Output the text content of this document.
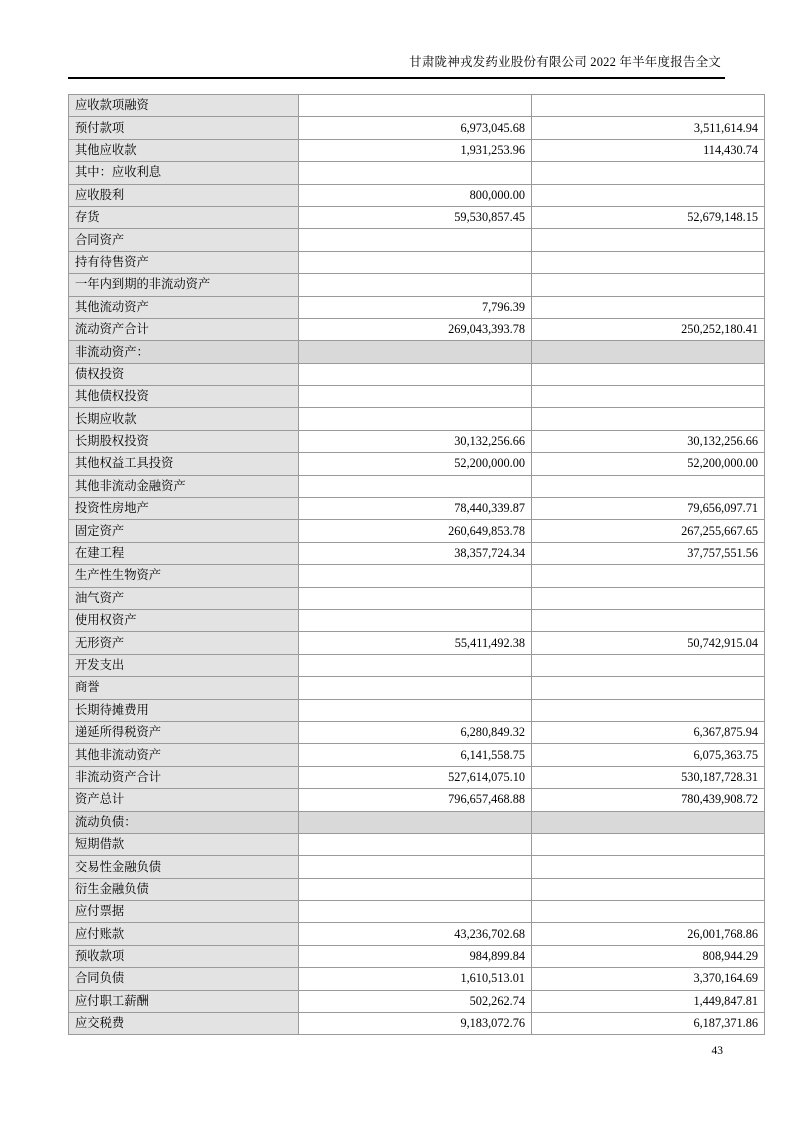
甘肃陇神戎发药业股份有限公司 2022 年半年度报告全文
应收款项融资		
预付款项	6,973,045.68	3,511,614.94
其他应收款	1,931,253.96	114,430.74
其中：应收利息		
应收股利	800,000.00	
存货	59,530,857.45	52,679,148.15
合同资产		
持有待售资产		
一年内到期的非流动资产		
其他流动资产	7,796.39	
流动资产合计	269,043,393.78	250,252,180.41
非流动资产：		
债权投资		
其他债权投资		
长期应收款		
长期股权投资	30,132,256.66	30,132,256.66
其他权益工具投资	52,200,000.00	52,200,000.00
其他非流动金融资产		
投资性房地产	78,440,339.87	79,656,097.71
固定资产	260,649,853.78	267,255,667.65
在建工程	38,357,724.34	37,757,551.56
生产性生物资产		
油气资产		
使用权资产		
无形资产	55,411,492.38	50,742,915.04
开发支出		
商誉		
长期待摊费用		
递延所得税资产	6,280,849.32	6,367,875.94
其他非流动资产	6,141,558.75	6,075,363.75
非流动资产合计	527,614,075.10	530,187,728.31
资产总计	796,657,468.88	780,439,908.72
流动负债：		
短期借款		
交易性金融负债		
衍生金融负债		
应付票据		
应付账款	43,236,702.68	26,001,768.86
预收款项	984,899.84	808,944.29
合同负债	1,610,513.01	3,370,164.69
应付职工薪酬	502,262.74	1,449,847.81
应交税费	9,183,072.76	6,187,371.86
43
